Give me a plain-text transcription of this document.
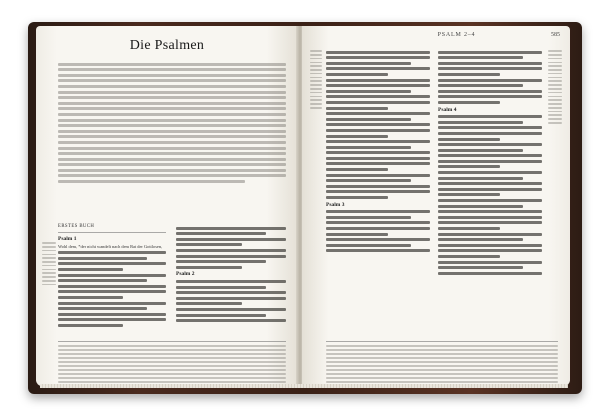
Die Psalmen
ERSTES BUCH
Psalm 1
Wohl dem, *der nicht wandelt nach dem Rat der Gottlosen,
Psalm 2
PSALM 2–4	585
Psalm 3
Psalm 4
